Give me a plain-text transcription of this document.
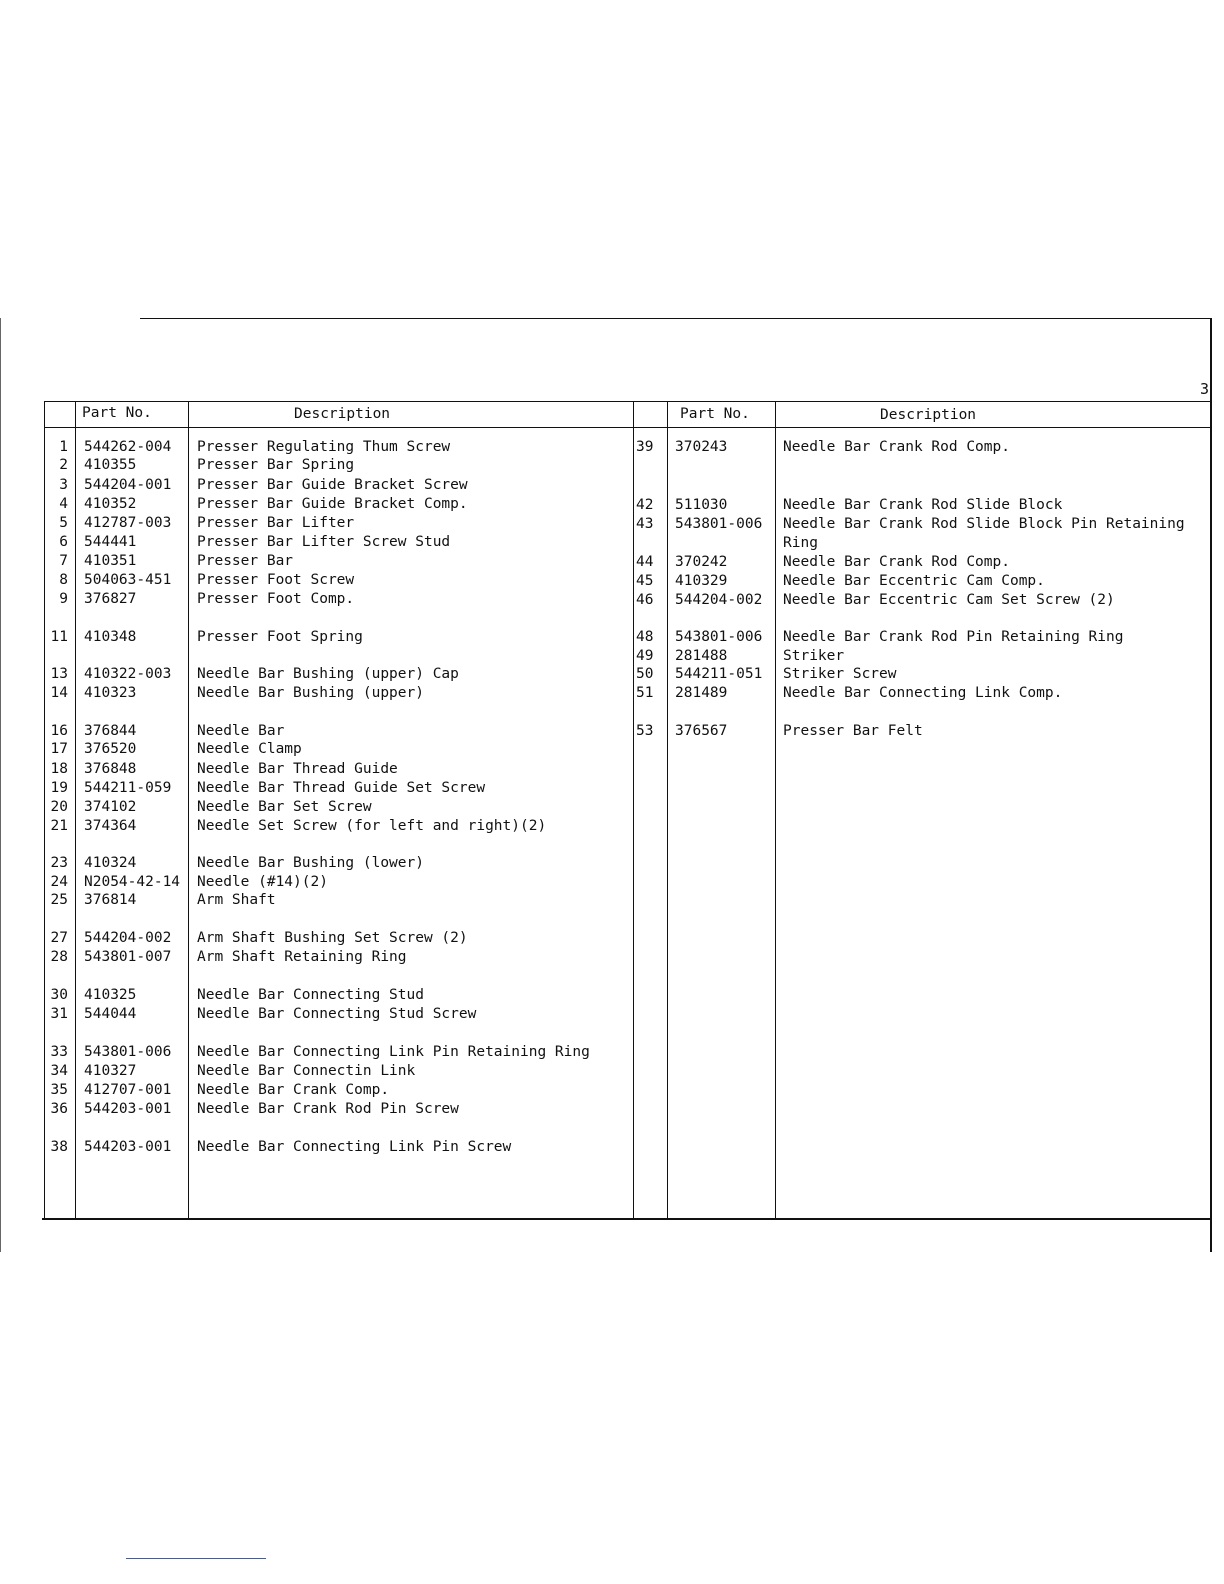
3
Part No.	Description	Part No.	Description
1 544262-004 Presser Regulating Thum Screw
2 410355	Presser Bar Spring
3 544204-001 Presser Bar Guide Bracket Screw
4 410352	Presser Bar Guide Bracket Comp.
5 412787-003 Presser Bar Lifter
6 544441	Presser Bar Lifter Screw Stud
7 410351	Presser Bar
8 504063-451 Presser Foot Screw
9 376827	Presser Foot Comp.
11 410348	Presser Foot Spring
13 410322-003 Needle Bar Bushing (upper) Cap
14 410323	Needle Bar Bushing (upper)
16 376844	Needle Bar
17 376520	Needle Clamp
18 376848	Needle Bar Thread Guide
19 544211-059 Needle Bar Thread Guide Set Screw
20 374102	Needle Bar Set Screw
21 374364	Needle Set Screw (for left and right)(2)
23 410324	Needle Bar Bushing (lower)
24 N2054-42-14 Needle (#14)(2)
25 376814	Arm Shaft
27 544204-002 Arm Shaft Bushing Set Screw (2)
28 543801-007 Arm Shaft Retaining Ring
30 410325	Needle Bar Connecting Stud
31 544044	Needle Bar Connecting Stud Screw
33 543801-006 Needle Bar Connecting Link Pin Retaining Ring
34 410327	Needle Bar Connectin Link
35 412707-001 Needle Bar Crank Comp.
36 544203-001 Needle Bar Crank Rod Pin Screw
38 544203-001 Needle Bar Connecting Link Pin Screw
39 370243	Needle Bar Crank Rod Comp.
42 511030	Needle Bar Crank Rod Slide Block
43 543801-006 Needle Bar Crank Rod Slide Block Pin Retaining
Ring
44 370242	Needle Bar Crank Rod Comp.
45 410329	Needle Bar Eccentric Cam Comp.
46 544204-002 Needle Bar Eccentric Cam Set Screw (2)
48 543801-006 Needle Bar Crank Rod Pin Retaining Ring
49 281488	Striker
50 544211-051 Striker Screw
51 281489	Needle Bar Connecting Link Comp.
53 376567	Presser Bar Felt
